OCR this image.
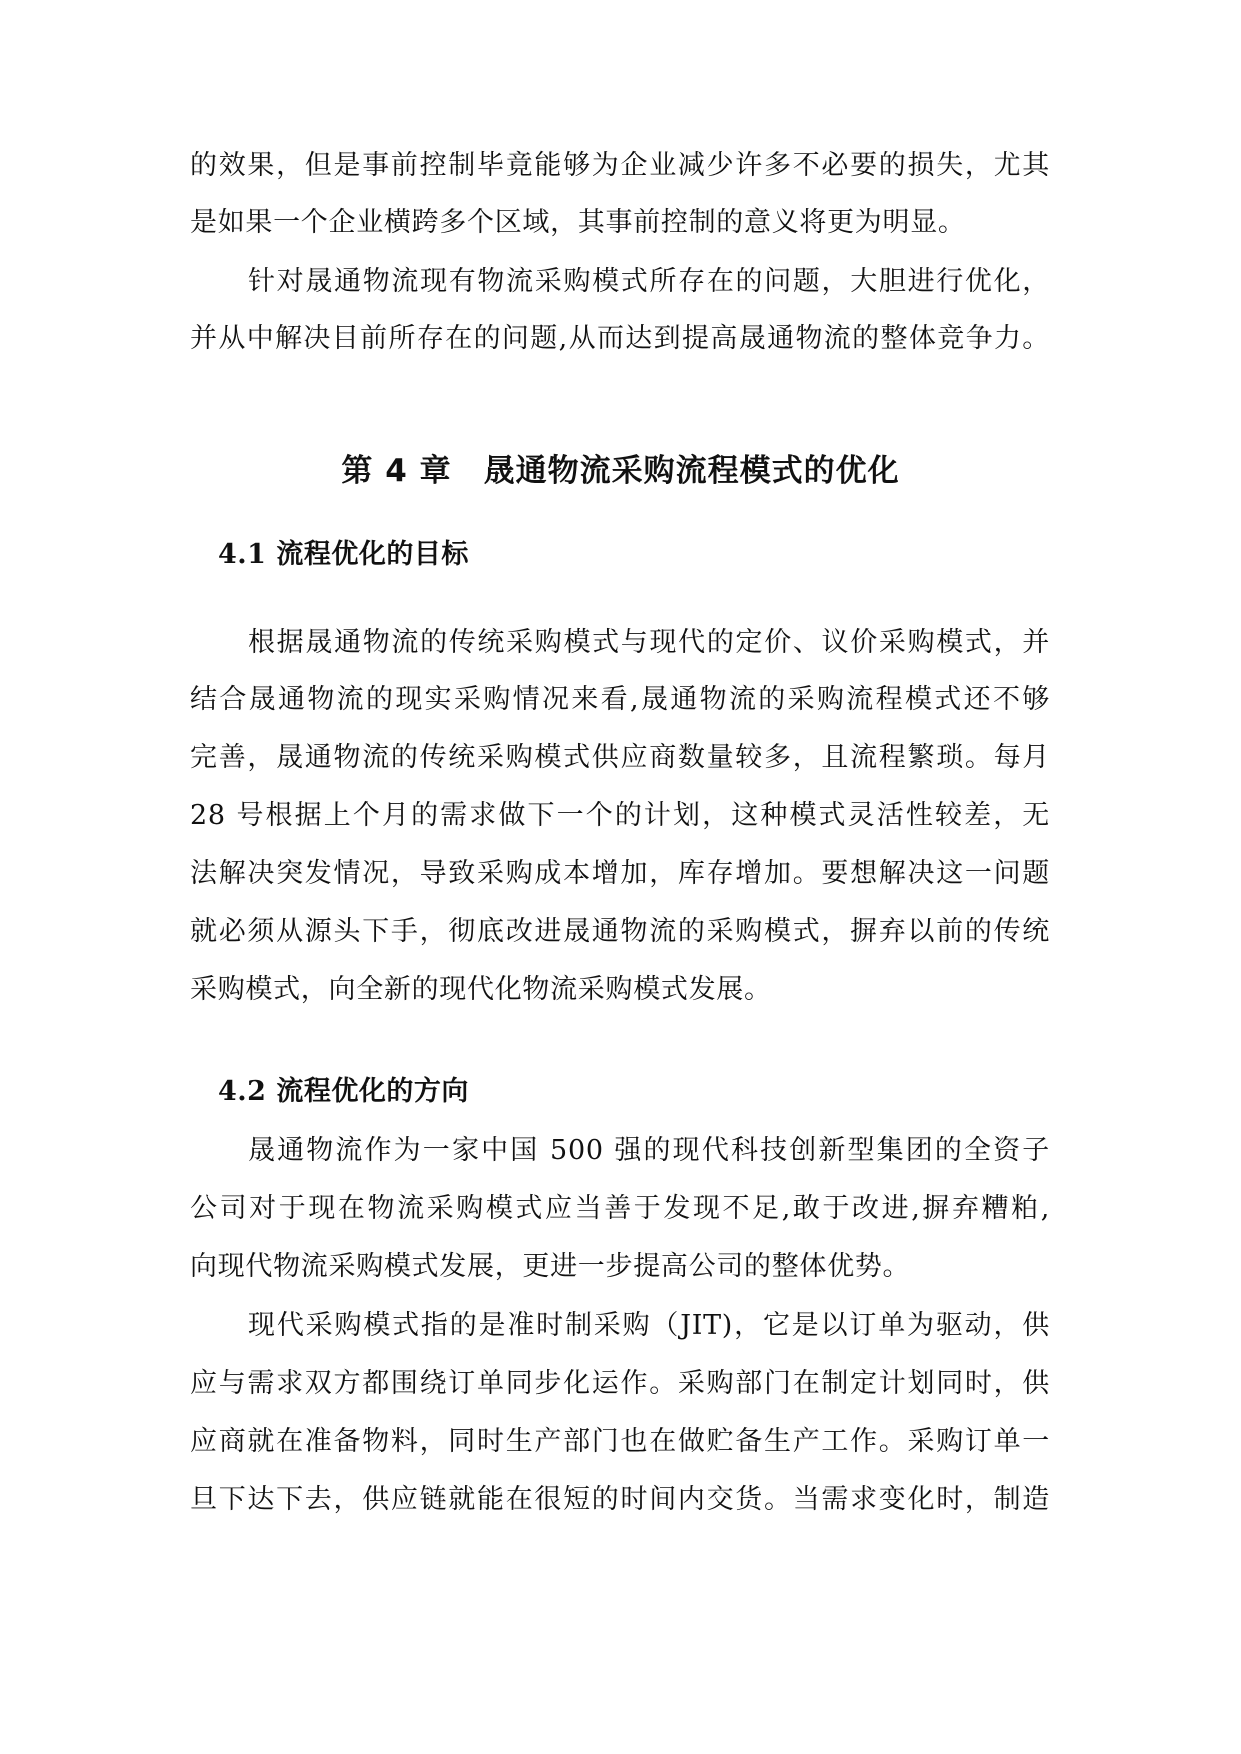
的效果，但是事前控制毕竟能够为企业减少许多不必要的损失，尤其
是如果一个企业横跨多个区域，其事前控制的意义将更为明显。
针对晟通物流现有物流采购模式所存在的问题，大胆进行优化，
并从中解决目前所存在的问题,从而达到提高晟通物流的整体竞争力。
第 4 章　晟通物流采购流程模式的优化
4.1 流程优化的目标
根据晟通物流的传统采购模式与现代的定价、议价采购模式，并
结合晟通物流的现实采购情况来看,晟通物流的采购流程模式还不够
完善，晟通物流的传统采购模式供应商数量较多，且流程繁琐。每月
28 号根据上个月的需求做下一个的计划，这种模式灵活性较差，无
法解决突发情况，导致采购成本增加，库存增加。要想解决这一问题
就必须从源头下手，彻底改进晟通物流的采购模式，摒弃以前的传统
采购模式，向全新的现代化物流采购模式发展。
4.2 流程优化的方向
晟通物流作为一家中国 500 强的现代科技创新型集团的全资子
公司对于现在物流采购模式应当善于发现不足,敢于改进,摒弃糟粕,
向现代物流采购模式发展，更进一步提高公司的整体优势。
现代采购模式指的是准时制采购（JIT)，它是以订单为驱动，供
应与需求双方都围绕订单同步化运作。采购部门在制定计划同时，供
应商就在准备物料，同时生产部门也在做贮备生产工作。采购订单一
旦下达下去，供应链就能在很短的时间内交货。当需求变化时，制造
